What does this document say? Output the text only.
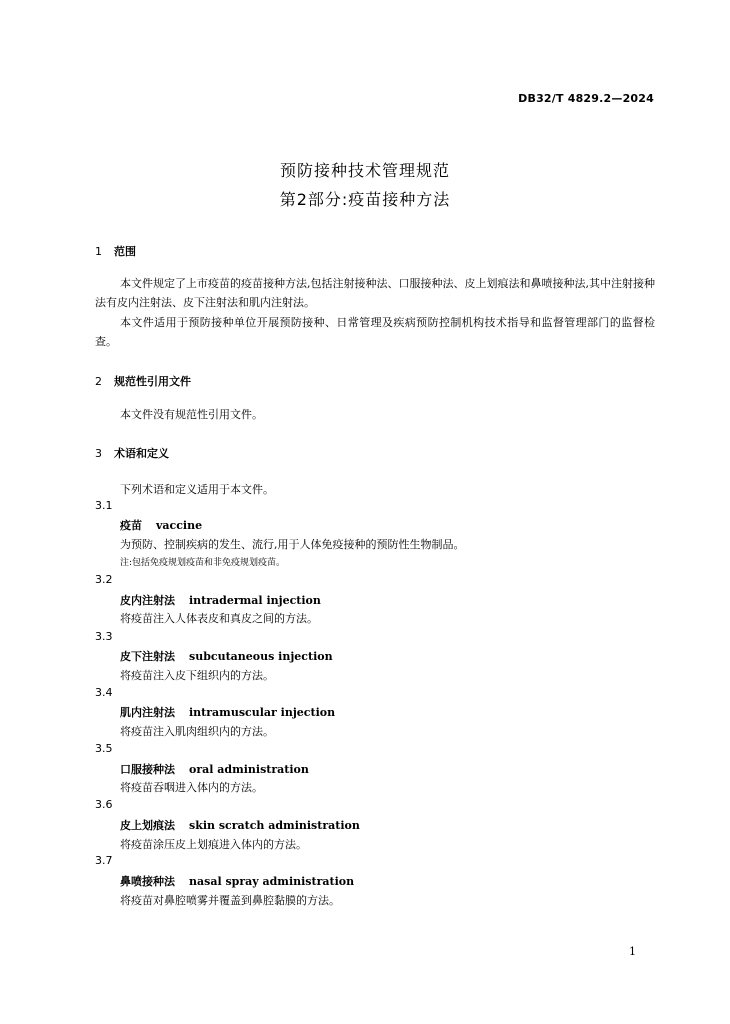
DB32/T 4829.2—2024
预防接种技术管理规范
第2部分:疫苗接种方法
1 范围
本文件规定了上市疫苗的疫苗接种方法,包括注射接种法、口服接种法、皮上划痕法和鼻喷接种法,其中注射接种法有皮内注射法、皮下注射法和肌内注射法。
本文件适用于预防接种单位开展预防接种、日常管理及疾病预防控制机构技术指导和监督管理部门的监督检查。
2 规范性引用文件
本文件没有规范性引用文件。
3 术语和定义
下列术语和定义适用于本文件。
3.1
疫苗 vaccine
为预防、控制疾病的发生、流行,用于人体免疫接种的预防性生物制品。
注:包括免疫规划疫苗和非免疫规划疫苗。
3.2
皮内注射法 intradermal injection
将疫苗注入人体表皮和真皮之间的方法。
3.3
皮下注射法 subcutaneous injection
将疫苗注入皮下组织内的方法。
3.4
肌内注射法 intramuscular injection
将疫苗注入肌肉组织内的方法。
3.5
口服接种法 oral administration
将疫苗吞咽进入体内的方法。
3.6
皮上划痕法 skin scratch administration
将疫苗涂压皮上划痕进入体内的方法。
3.7
鼻喷接种法 nasal spray administration
将疫苗对鼻腔喷雾并覆盖到鼻腔黏膜的方法。
1
